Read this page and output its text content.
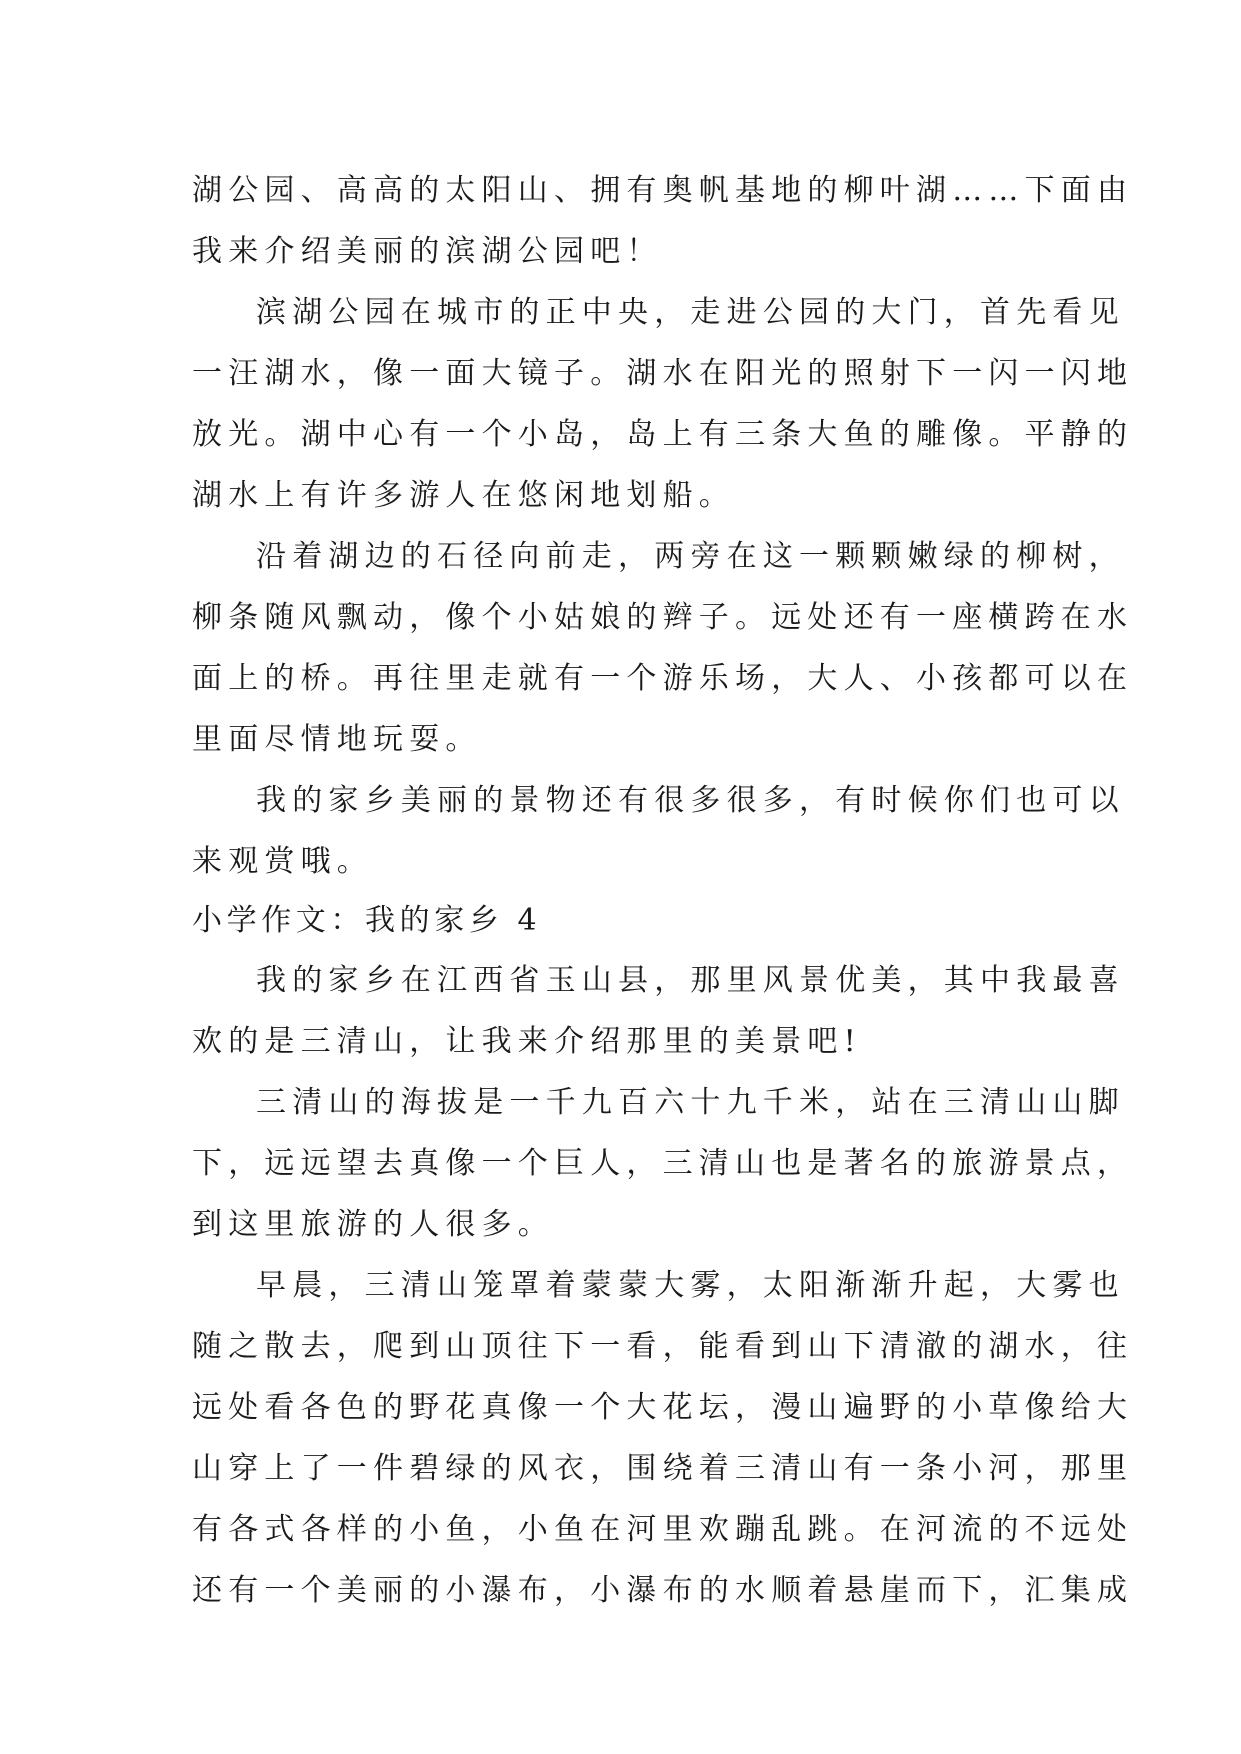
湖公园、高高的太阳山、拥有奥帆基地的柳叶湖……下面由
我来介绍美丽的滨湖公园吧！
滨湖公园在城市的正中央，走进公园的大门，首先看见
一汪湖水，像一面大镜子。湖水在阳光的照射下一闪一闪地
放光。湖中心有一个小岛，岛上有三条大鱼的雕像。平静的
湖水上有许多游人在悠闲地划船。
沿着湖边的石径向前走，两旁在这一颗颗嫩绿的柳树，
柳条随风飘动，像个小姑娘的辫子。远处还有一座横跨在水
面上的桥。再往里走就有一个游乐场，大人、小孩都可以在
里面尽情地玩耍。
我的家乡美丽的景物还有很多很多，有时候你们也可以
来观赏哦。
小学作文：我的家乡 4
我的家乡在江西省玉山县，那里风景优美，其中我最喜
欢的是三清山，让我来介绍那里的美景吧!
三清山的海拔是一千九百六十九千米，站在三清山山脚
下，远远望去真像一个巨人，三清山也是著名的旅游景点，
到这里旅游的人很多。
早晨，三清山笼罩着蒙蒙大雾，太阳渐渐升起，大雾也
随之散去，爬到山顶往下一看，能看到山下清澈的湖水，往
远处看各色的野花真像一个大花坛，漫山遍野的小草像给大
山穿上了一件碧绿的风衣，围绕着三清山有一条小河，那里
有各式各样的小鱼，小鱼在河里欢蹦乱跳。在河流的不远处
还有一个美丽的小瀑布，小瀑布的水顺着悬崖而下，汇集成
